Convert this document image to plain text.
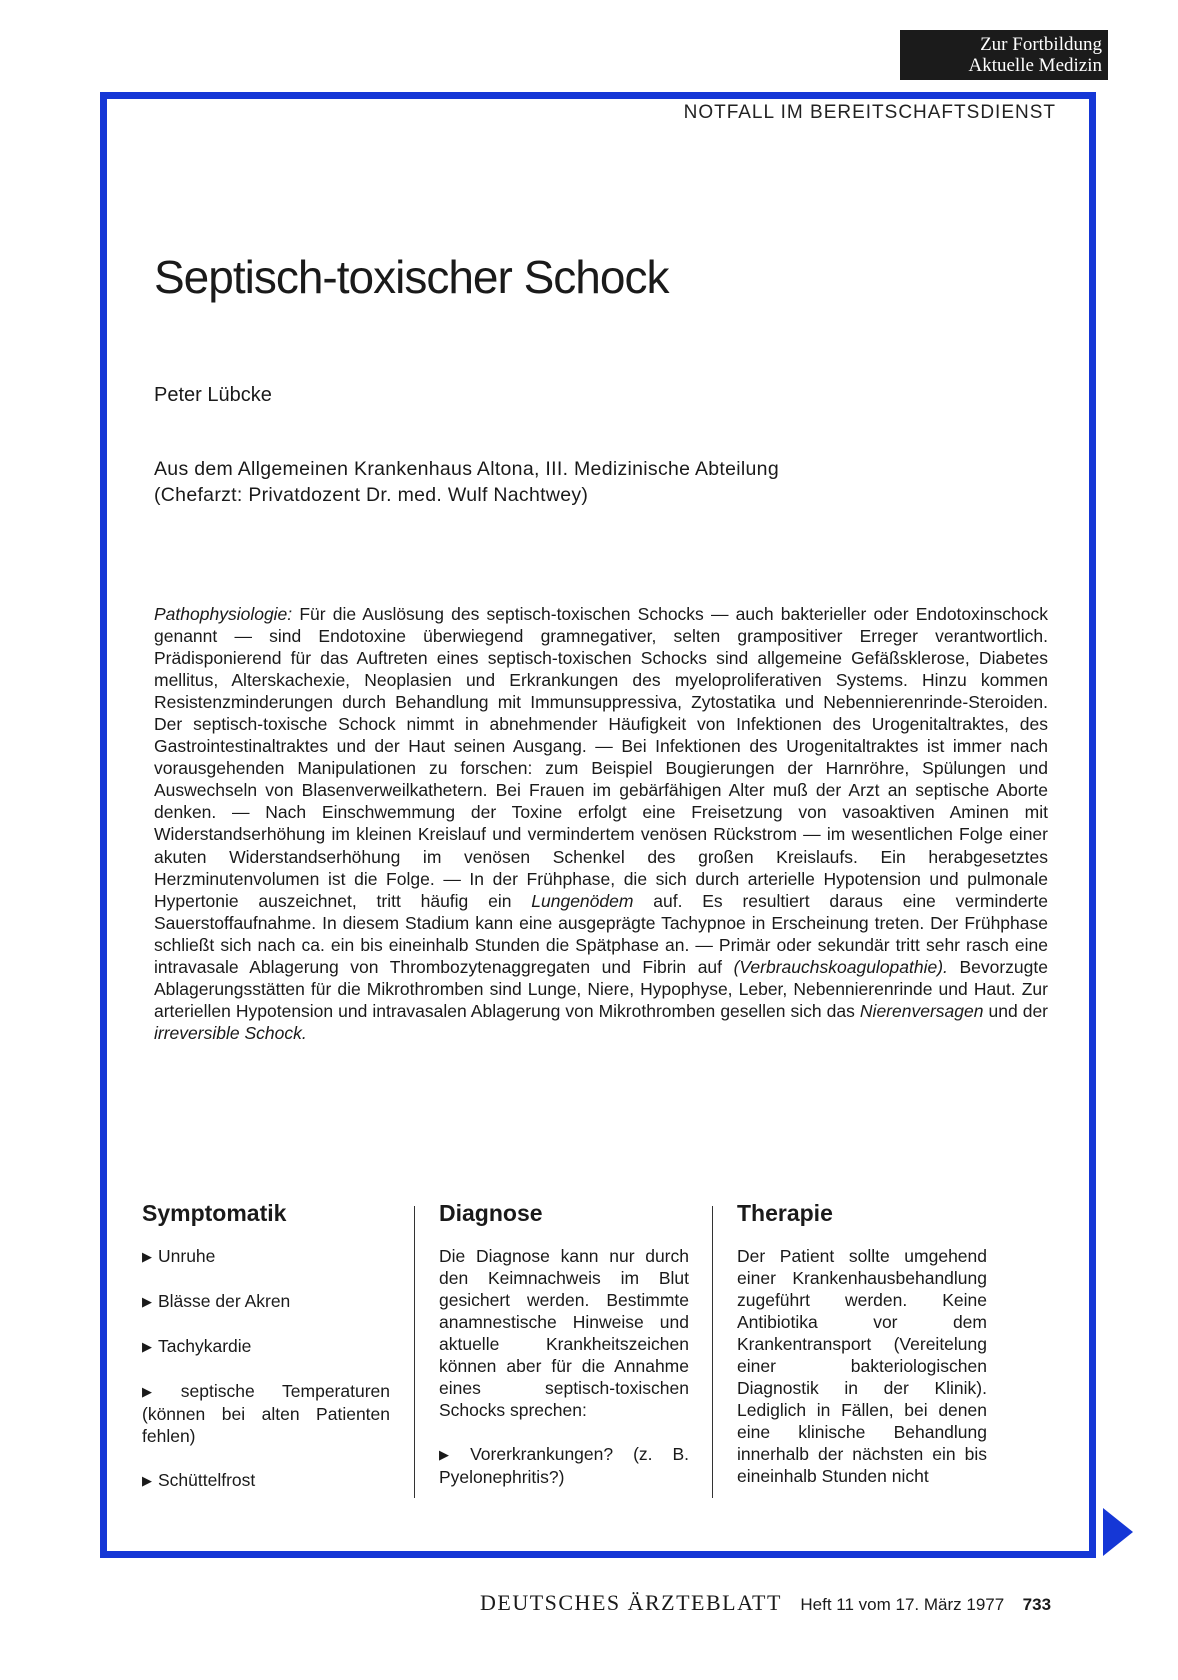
Zur Fortbildung
Aktuelle Medizin
NOTFALL IM BEREITSCHAFTSDIENST
Septisch-toxischer Schock

Peter Lübcke

Aus dem Allgemeinen Krankenhaus Altona, III. Medizinische Abteilung
(Chefarzt: Privatdozent Dr. med. Wulf Nachtwey)

Pathophysiologie: Für die Auslösung des septisch-toxischen Schocks — auch bakterieller oder Endotoxinschock genannt — sind Endotoxine überwiegend gramnegativer, selten grampositiver Erreger verantwortlich. Prädisponierend für das Auftreten eines septisch-toxischen Schocks sind allgemeine Gefäßsklerose, Diabetes mellitus, Alterskachexie, Neoplasien und Erkrankungen des myeloproliferativen Systems. Hinzu kommen Resistenzminderungen durch Behandlung mit Immunsuppressiva, Zytostatika und Nebennierenrinde-Steroiden. Der septisch-toxische Schock nimmt in abnehmender Häufigkeit von Infektionen des Urogenitaltraktes, des Gastrointestinaltraktes und der Haut seinen Ausgang. — Bei Infektionen des Urogenitaltraktes ist immer nach vorausgehenden Manipulationen zu forschen: zum Beispiel Bougierungen der Harnröhre, Spülungen und Auswechseln von Blasenverweilkathetern. Bei Frauen im gebärfähigen Alter muß der Arzt an septische Aborte denken. — Nach Einschwemmung der Toxine erfolgt eine Freisetzung von vasoaktiven Aminen mit Widerstandserhöhung im kleinen Kreislauf und vermindertem venösen Rückstrom — im wesentlichen Folge einer akuten Widerstandserhöhung im venösen Schenkel des großen Kreislaufs. Ein herabgesetztes Herzminutenvolumen ist die Folge. — In der Frühphase, die sich durch arterielle Hypotension und pulmonale Hypertonie auszeichnet, tritt häufig ein Lungenödem auf. Es resultiert daraus eine verminderte Sauerstoffaufnahme. In diesem Stadium kann eine ausgeprägte Tachypnoe in Erscheinung treten. Der Frühphase schließt sich nach ca. ein bis eineinhalb Stunden die Spätphase an. — Primär oder sekundär tritt sehr rasch eine intravasale Ablagerung von Thrombozytenaggregaten und Fibrin auf (Verbrauchskoagulopathie). Bevorzugte Ablagerungsstätten für die Mikrothromben sind Lunge, Niere, Hypophyse, Leber, Nebennierenrinde und Haut. Zur arteriellen Hypotension und intravasalen Ablagerung von Mikrothromben gesellen sich das Nierenversagen und der irreversible Schock.

Symptomatik
▶ Unruhe
▶ Blässe der Akren
▶ Tachykardie
▶ septische Temperaturen (können bei alten Patienten fehlen)
▶ Schüttelfrost
Diagnose

Die Diagnose kann nur durch den Keimnachweis im Blut gesichert werden. Bestimmte anamnestische Hinweise und aktuelle Krankheitszeichen können aber für die Annahme eines septisch-toxischen Schocks sprechen:

▶ Vorerkrankungen? (z. B. Pyelonephritis?)

Therapie

Der Patient sollte umgehend einer Krankenhausbehandlung zugeführt werden. Keine Antibiotika vor dem Krankentransport (Vereitelung einer bakteriologischen Diagnostik in der Klinik). Lediglich in Fällen, bei denen eine klinische Behandlung innerhalb der nächsten ein bis eineinhalb Stunden nicht

DEUTSCHES ÄRZTEBLATT Heft 11 vom 17. März 1977 733
